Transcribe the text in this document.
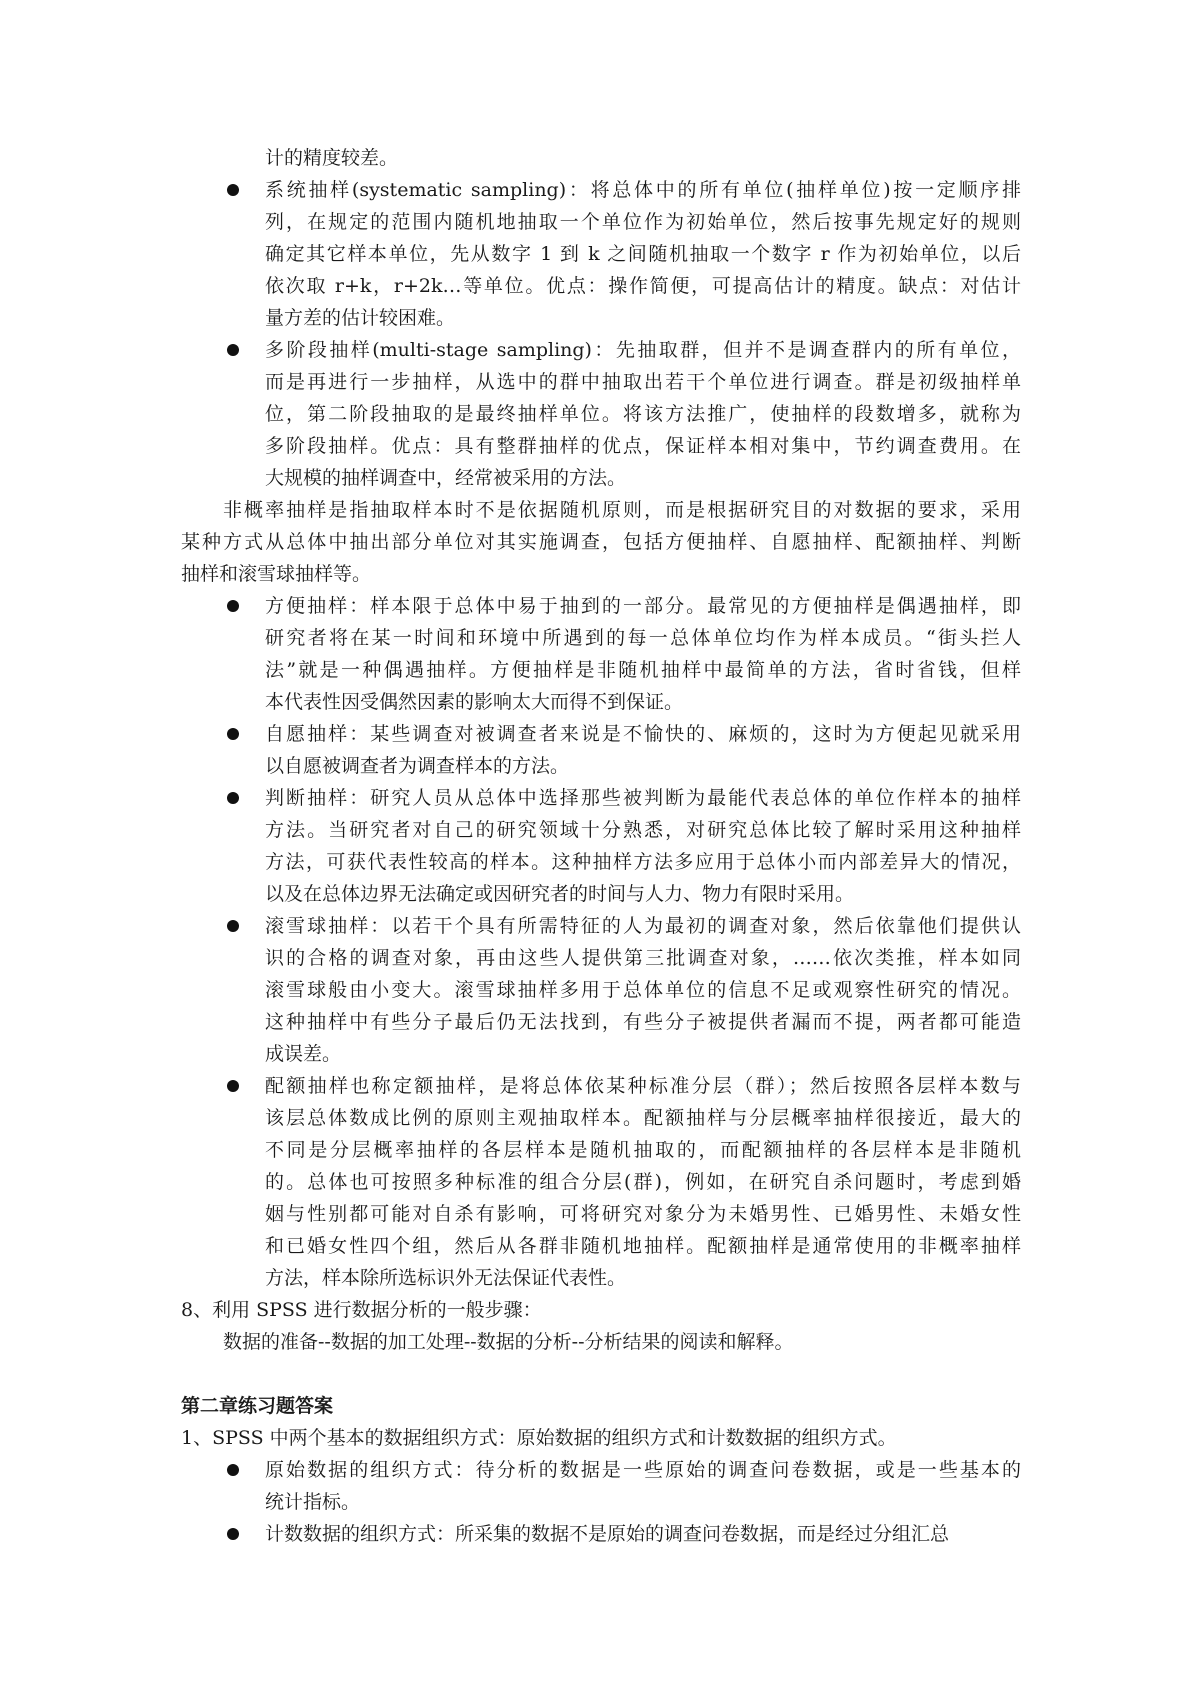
计的精度较差。
系统抽样(systematic sampling)：将总体中的所有单位(抽样单位)按一定顺序排
列，在规定的范围内随机地抽取一个单位作为初始单位，然后按事先规定好的规则
确定其它样本单位，先从数字 1 到 k 之间随机抽取一个数字 r 作为初始单位，以后
依次取 r+k，r+2k…等单位。优点：操作简便，可提高估计的精度。缺点：对估计
量方差的估计较困难。
多阶段抽样(multi-stage sampling)：先抽取群，但并不是调查群内的所有单位，
而是再进行一步抽样，从选中的群中抽取出若干个单位进行调查。群是初级抽样单
位，第二阶段抽取的是最终抽样单位。将该方法推广，使抽样的段数增多，就称为
多阶段抽样。优点：具有整群抽样的优点，保证样本相对集中，节约调查费用。在
大规模的抽样调查中，经常被采用的方法。
非概率抽样是指抽取样本时不是依据随机原则，而是根据研究目的对数据的要求，采用
某种方式从总体中抽出部分单位对其实施调查，包括方便抽样、自愿抽样、配额抽样、判断
抽样和滚雪球抽样等。
方便抽样：样本限于总体中易于抽到的一部分。最常见的方便抽样是偶遇抽样，即
研究者将在某一时间和环境中所遇到的每一总体单位均作为样本成员。“街头拦人
法”就是一种偶遇抽样。方便抽样是非随机抽样中最简单的方法，省时省钱，但样
本代表性因受偶然因素的影响太大而得不到保证。
自愿抽样：某些调查对被调查者来说是不愉快的、麻烦的，这时为方便起见就采用
以自愿被调查者为调查样本的方法。
判断抽样：研究人员从总体中选择那些被判断为最能代表总体的单位作样本的抽样
方法。当研究者对自己的研究领域十分熟悉，对研究总体比较了解时采用这种抽样
方法，可获代表性较高的样本。这种抽样方法多应用于总体小而内部差异大的情况，
以及在总体边界无法确定或因研究者的时间与人力、物力有限时采用。
滚雪球抽样：以若干个具有所需特征的人为最初的调查对象，然后依靠他们提供认
识的合格的调查对象，再由这些人提供第三批调查对象，……依次类推，样本如同
滚雪球般由小变大。滚雪球抽样多用于总体单位的信息不足或观察性研究的情况。
这种抽样中有些分子最后仍无法找到，有些分子被提供者漏而不提，两者都可能造
成误差。
配额抽样也称定额抽样，是将总体依某种标准分层（群）；然后按照各层样本数与
该层总体数成比例的原则主观抽取样本。配额抽样与分层概率抽样很接近，最大的
不同是分层概率抽样的各层样本是随机抽取的，而配额抽样的各层样本是非随机
的。总体也可按照多种标准的组合分层(群)，例如，在研究自杀问题时，考虑到婚
姻与性别都可能对自杀有影响，可将研究对象分为未婚男性、已婚男性、未婚女性
和已婚女性四个组，然后从各群非随机地抽样。配额抽样是通常使用的非概率抽样
方法，样本除所选标识外无法保证代表性。
8、利用 SPSS 进行数据分析的一般步骤：
数据的准备--数据的加工处理--数据的分析--分析结果的阅读和解释。
第二章练习题答案
1、SPSS 中两个基本的数据组织方式：原始数据的组织方式和计数数据的组织方式。
原始数据的组织方式：待分析的数据是一些原始的调查问卷数据，或是一些基本的
统计指标。
计数数据的组织方式：所采集的数据不是原始的调查问卷数据，而是经过分组汇总
